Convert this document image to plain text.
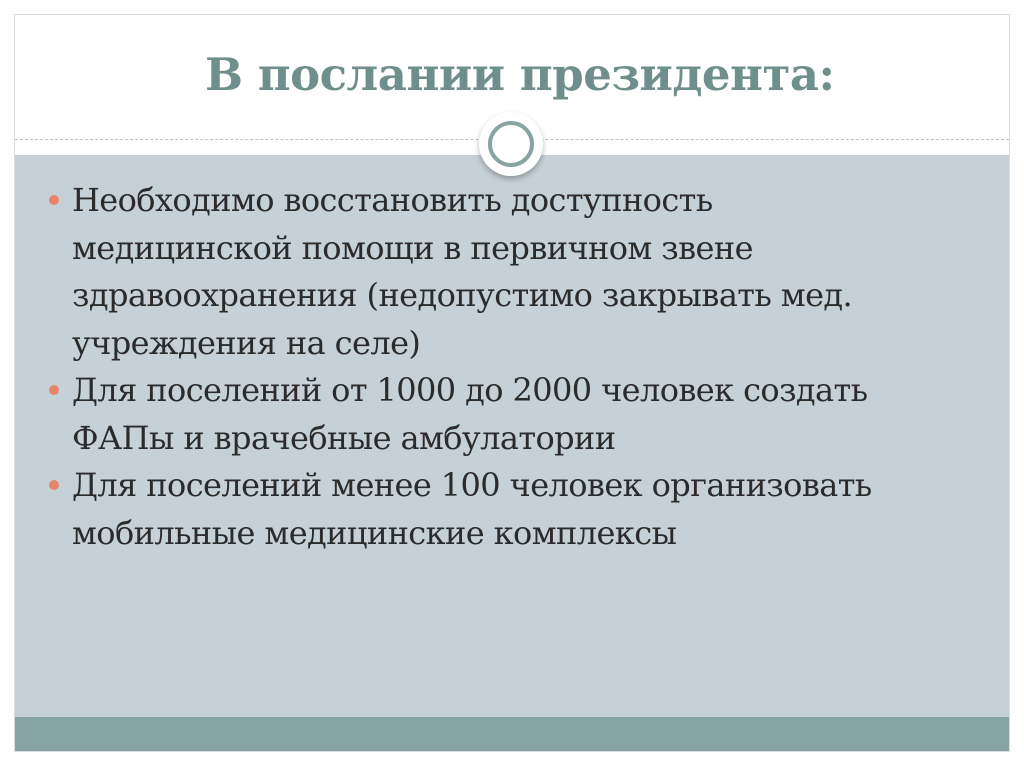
В послании президента:
Необходимо восстановить доступность
медицинской помощи в первичном звене
здравоохранения (недопустимо закрывать мед.
учреждения на селе)
Для поселений от 1000 до 2000 человек создать
ФАПы и врачебные амбулатории
Для поселений менее 100 человек организовать
мобильные медицинские комплексы
